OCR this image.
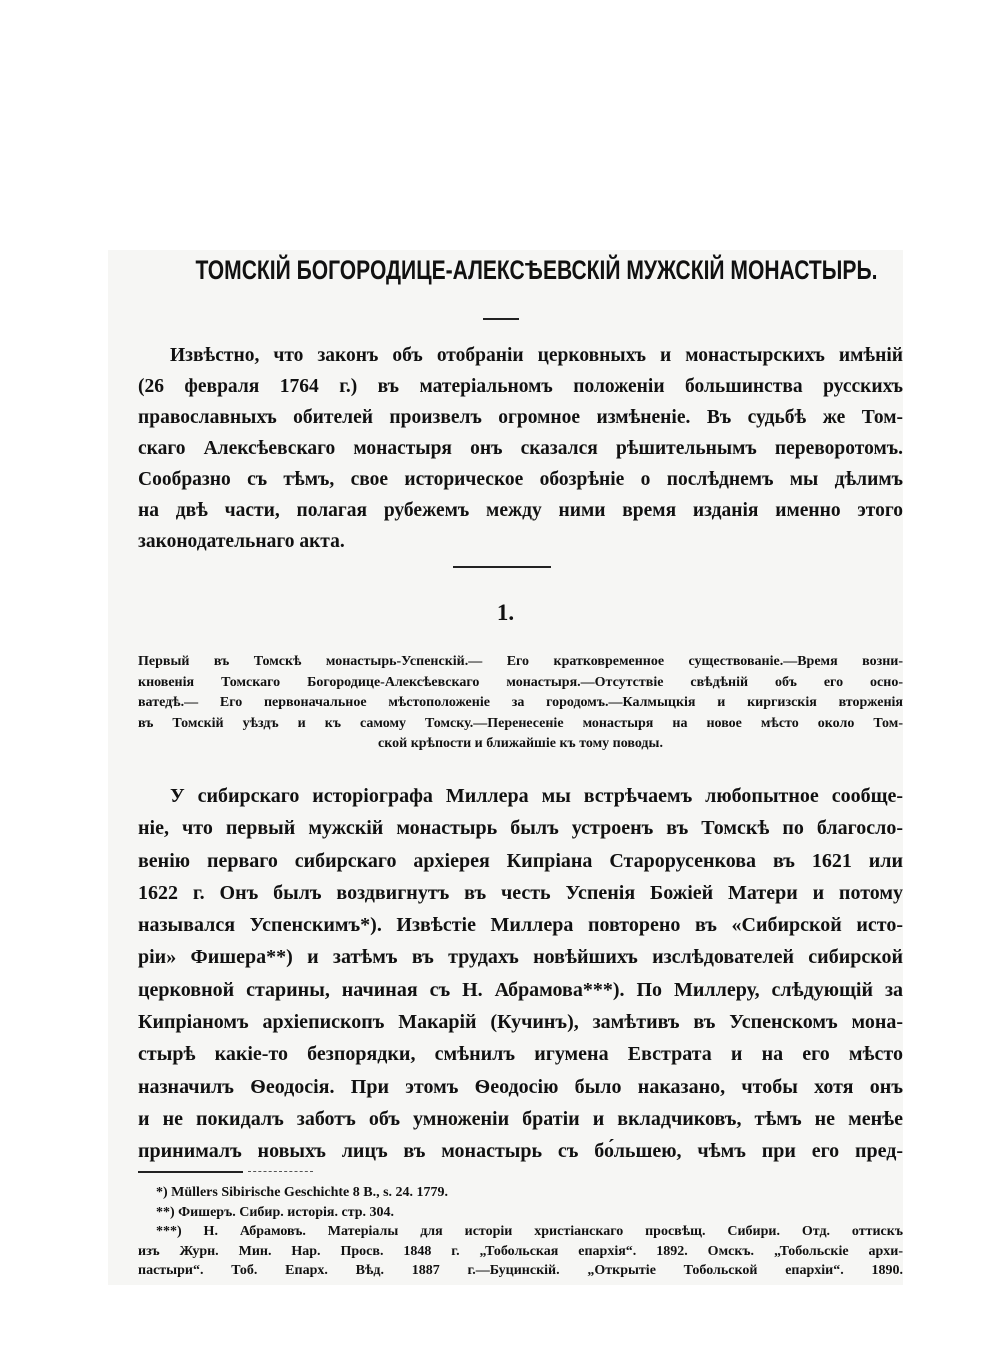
ТОМСКІЙ БОГОРОДИЦЕ-АЛЕКСѢЕВСКІЙ МУЖСКІЙ МОНАСТЫРЬ.
Извѣстно, что законъ объ отобраніи церковныхъ и монастырскихъ имѣній
(26 февраля 1764 г.) въ матеріальномъ положеніи большинства русскихъ
православныхъ обителей произвелъ огромное измѣненіе. Въ судьбѣ же Том-
скаго Алексѣевскаго монастыря онъ сказался рѣшительнымъ переворотомъ.
Сообразно съ тѣмъ, свое историческое обозрѣніе о послѣднемъ мы дѣлимъ
на двѣ части, полагая рубежемъ между ними время изданія именно этого
законодательнаго акта.
1.
Первый въ Томскѣ монастырь-Успенскій.— Его кратковременное существованіе.—Время возни-
кновенія Томскаго Богородице-Алексѣевскаго монастыря.—Отсутствіе свѣдѣній объ его осно-
ватедѣ.— Его первоначальное мѣстоположеніе за городомъ.—Калмыцкія и киргизскія вторженія
въ Томскій уѣздъ и къ самому Томску.—Перенесеніе монастыря на новое мѣсто около Том-
ской крѣпости и ближайшіе къ тому поводы.
У сибирскаго исторіографа Миллера мы встрѣчаемъ любопытное сообще-
ніе, что первый мужскій монастырь былъ устроенъ въ Томскѣ по благосло-
венію перваго сибирскаго архіерея Кипріана Старорусенкова въ 1621 или
1622 г. Онъ былъ воздвигнутъ въ честь Успенія Божіей Матери и потому
назывался Успенскимъ*). Извѣстіе Миллера повторено въ «Сибирской исто-
ріи» Фишера**) и затѣмъ въ трудахъ новѣйшихъ изслѣдователей сибирской
церковной старины, начиная съ Н. Абрамова***). По Миллеру, слѣдующій за
Кипріаномъ архіепископъ Макарій (Кучинъ), замѣтивъ въ Успенскомъ мона-
стырѣ какіе-то безпорядки, смѣнилъ игумена Евстрата и на его мѣсто
назначилъ Ѳеодосія. При этомъ Ѳеодосію было наказано, чтобы хотя онъ
и не покидалъ заботъ объ умноженіи братіи и вкладчиковъ, тѣмъ не менѣе
принималъ новыхъ лицъ въ монастырь съ бо́льшею, чѣмъ при его пред-
*) Müllers Sibirische Geschichte 8 B., s. 24. 1779.
**) Фишеръ. Сибир. исторія. стр. 304.
***) Н. Абрамовъ. Матеріалы для исторіи христіанскаго просвѣщ. Сибири. Отд. оттискъ
изъ Журн. Мин. Нар. Просв. 1848 г. „Тобольская епархія“. 1892. Омскъ. „Тобольскіе архи-
пастыри“. Тоб. Епарх. Вѣд. 1887 г.—Буцинскій. „Открытіе Тобольской епархіи“. 1890.
